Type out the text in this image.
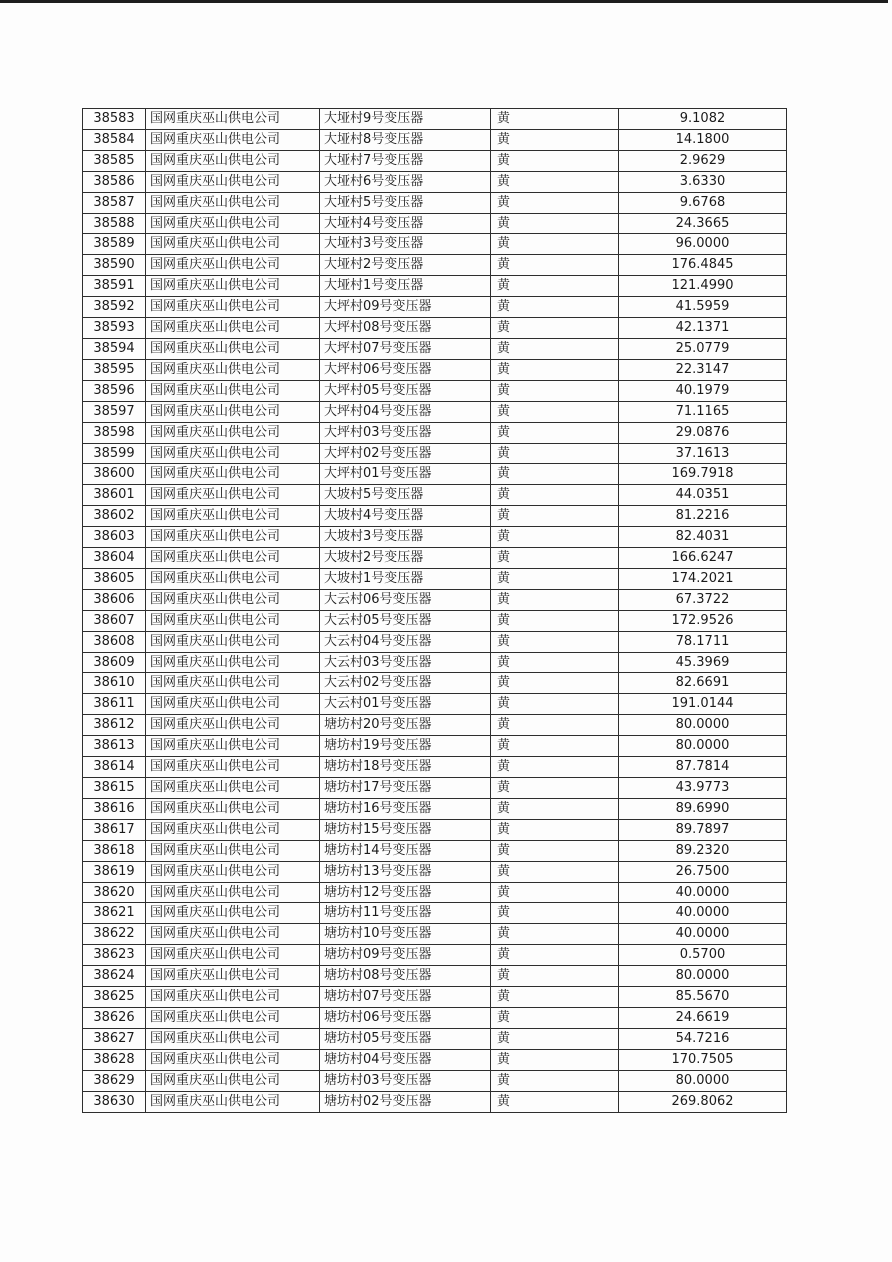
38583	国网重庆巫山供电公司	大垭村9号变压器	黄	9.1082
38584	国网重庆巫山供电公司	大垭村8号变压器	黄	14.1800
38585	国网重庆巫山供电公司	大垭村7号变压器	黄	2.9629
38586	国网重庆巫山供电公司	大垭村6号变压器	黄	3.6330
38587	国网重庆巫山供电公司	大垭村5号变压器	黄	9.6768
38588	国网重庆巫山供电公司	大垭村4号变压器	黄	24.3665
38589	国网重庆巫山供电公司	大垭村3号变压器	黄	96.0000
38590	国网重庆巫山供电公司	大垭村2号变压器	黄	176.4845
38591	国网重庆巫山供电公司	大垭村1号变压器	黄	121.4990
38592	国网重庆巫山供电公司	大坪村09号变压器	黄	41.5959
38593	国网重庆巫山供电公司	大坪村08号变压器	黄	42.1371
38594	国网重庆巫山供电公司	大坪村07号变压器	黄	25.0779
38595	国网重庆巫山供电公司	大坪村06号变压器	黄	22.3147
38596	国网重庆巫山供电公司	大坪村05号变压器	黄	40.1979
38597	国网重庆巫山供电公司	大坪村04号变压器	黄	71.1165
38598	国网重庆巫山供电公司	大坪村03号变压器	黄	29.0876
38599	国网重庆巫山供电公司	大坪村02号变压器	黄	37.1613
38600	国网重庆巫山供电公司	大坪村01号变压器	黄	169.7918
38601	国网重庆巫山供电公司	大坡村5号变压器	黄	44.0351
38602	国网重庆巫山供电公司	大坡村4号变压器	黄	81.2216
38603	国网重庆巫山供电公司	大坡村3号变压器	黄	82.4031
38604	国网重庆巫山供电公司	大坡村2号变压器	黄	166.6247
38605	国网重庆巫山供电公司	大坡村1号变压器	黄	174.2021
38606	国网重庆巫山供电公司	大云村06号变压器	黄	67.3722
38607	国网重庆巫山供电公司	大云村05号变压器	黄	172.9526
38608	国网重庆巫山供电公司	大云村04号变压器	黄	78.1711
38609	国网重庆巫山供电公司	大云村03号变压器	黄	45.3969
38610	国网重庆巫山供电公司	大云村02号变压器	黄	82.6691
38611	国网重庆巫山供电公司	大云村01号变压器	黄	191.0144
38612	国网重庆巫山供电公司	塘坊村20号变压器	黄	80.0000
38613	国网重庆巫山供电公司	塘坊村19号变压器	黄	80.0000
38614	国网重庆巫山供电公司	塘坊村18号变压器	黄	87.7814
38615	国网重庆巫山供电公司	塘坊村17号变压器	黄	43.9773
38616	国网重庆巫山供电公司	塘坊村16号变压器	黄	89.6990
38617	国网重庆巫山供电公司	塘坊村15号变压器	黄	89.7897
38618	国网重庆巫山供电公司	塘坊村14号变压器	黄	89.2320
38619	国网重庆巫山供电公司	塘坊村13号变压器	黄	26.7500
38620	国网重庆巫山供电公司	塘坊村12号变压器	黄	40.0000
38621	国网重庆巫山供电公司	塘坊村11号变压器	黄	40.0000
38622	国网重庆巫山供电公司	塘坊村10号变压器	黄	40.0000
38623	国网重庆巫山供电公司	塘坊村09号变压器	黄	0.5700
38624	国网重庆巫山供电公司	塘坊村08号变压器	黄	80.0000
38625	国网重庆巫山供电公司	塘坊村07号变压器	黄	85.5670
38626	国网重庆巫山供电公司	塘坊村06号变压器	黄	24.6619
38627	国网重庆巫山供电公司	塘坊村05号变压器	黄	54.7216
38628	国网重庆巫山供电公司	塘坊村04号变压器	黄	170.7505
38629	国网重庆巫山供电公司	塘坊村03号变压器	黄	80.0000
38630	国网重庆巫山供电公司	塘坊村02号变压器	黄	269.8062
